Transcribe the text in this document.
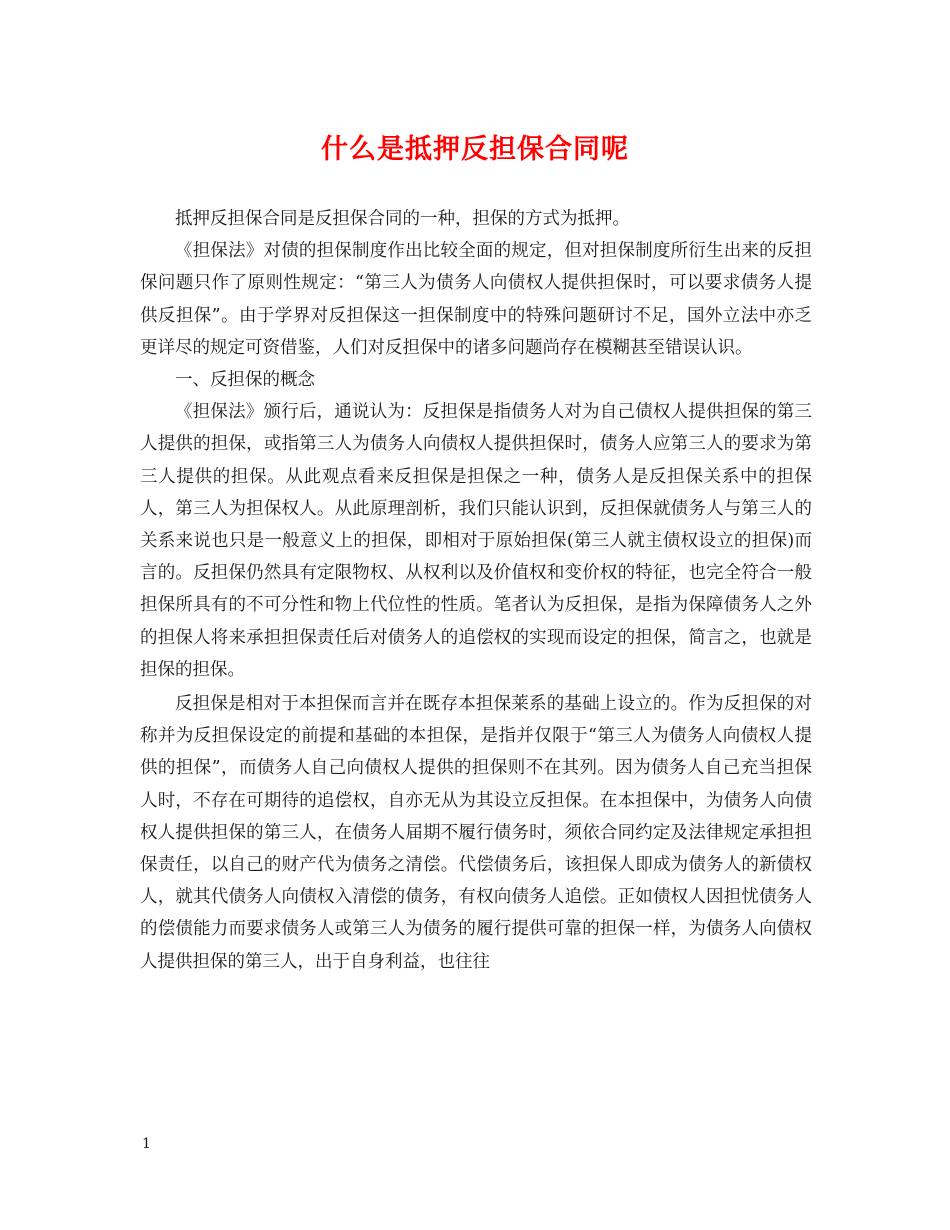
什么是抵押反担保合同呢

抵押反担保合同是反担保合同的一种，担保的方式为抵押。

《担保法》对债的担保制度作出比较全面的规定，但对担保制度所衍生出来的反担保问题只作了原则性规定：“第三人为债务人向债权人提供担保时，可以要求债务人提供反担保”。由于学界对反担保这一担保制度中的特殊问题研讨不足，国外立法中亦乏更详尽的规定可资借鉴，人们对反担保中的诸多问题尚存在模糊甚至错误认识。

一、反担保的概念

《担保法》颁行后，通说认为：反担保是指债务人对为自己债权人提供担保的第三人提供的担保，或指第三人为债务人向债权人提供担保时，债务人应第三人的要求为第三人提供的担保。从此观点看来反担保是担保之一种，债务人是反担保关系中的担保人，第三人为担保权人。从此原理剖析，我们只能认识到，反担保就债务人与第三人的关系来说也只是一般意义上的担保，即相对于原始担保(第三人就主债权设立的担保)而言的。反担保仍然具有定限物权、从权利以及价值权和变价权的特征，也完全符合一般担保所具有的不可分性和物上代位性的性质。笔者认为反担保，是指为保障债务人之外的担保人将来承担担保责任后对债务人的追偿权的实现而设定的担保，简言之，也就是担保的担保。

反担保是相对于本担保而言并在既存本担保莱系的基础上设立的。作为反担保的对称并为反担保设定的前提和基础的本担保，是指并仅限于“第三人为债务人向债权人提供的担保”，而债务人自己向债权人提供的担保则不在其列。因为债务人自己充当担保人时，不存在可期待的追偿权，自亦无从为其设立反担保。在本担保中，为债务人向债权人提供担保的第三人，在债务人届期不履行债务时，须依合同约定及法律规定承担担保责任，以自己的财产代为债务之清偿。代偿债务后，该担保人即成为债务人的新债权人，就其代债务人向债权入清偿的债务，有权向债务人追偿。正如债权人因担忧债务人的偿债能力而要求债务人或第三人为债务的履行提供可靠的担保一样，为债务人向债权人提供担保的第三人，出于自身利益，也往往

1
